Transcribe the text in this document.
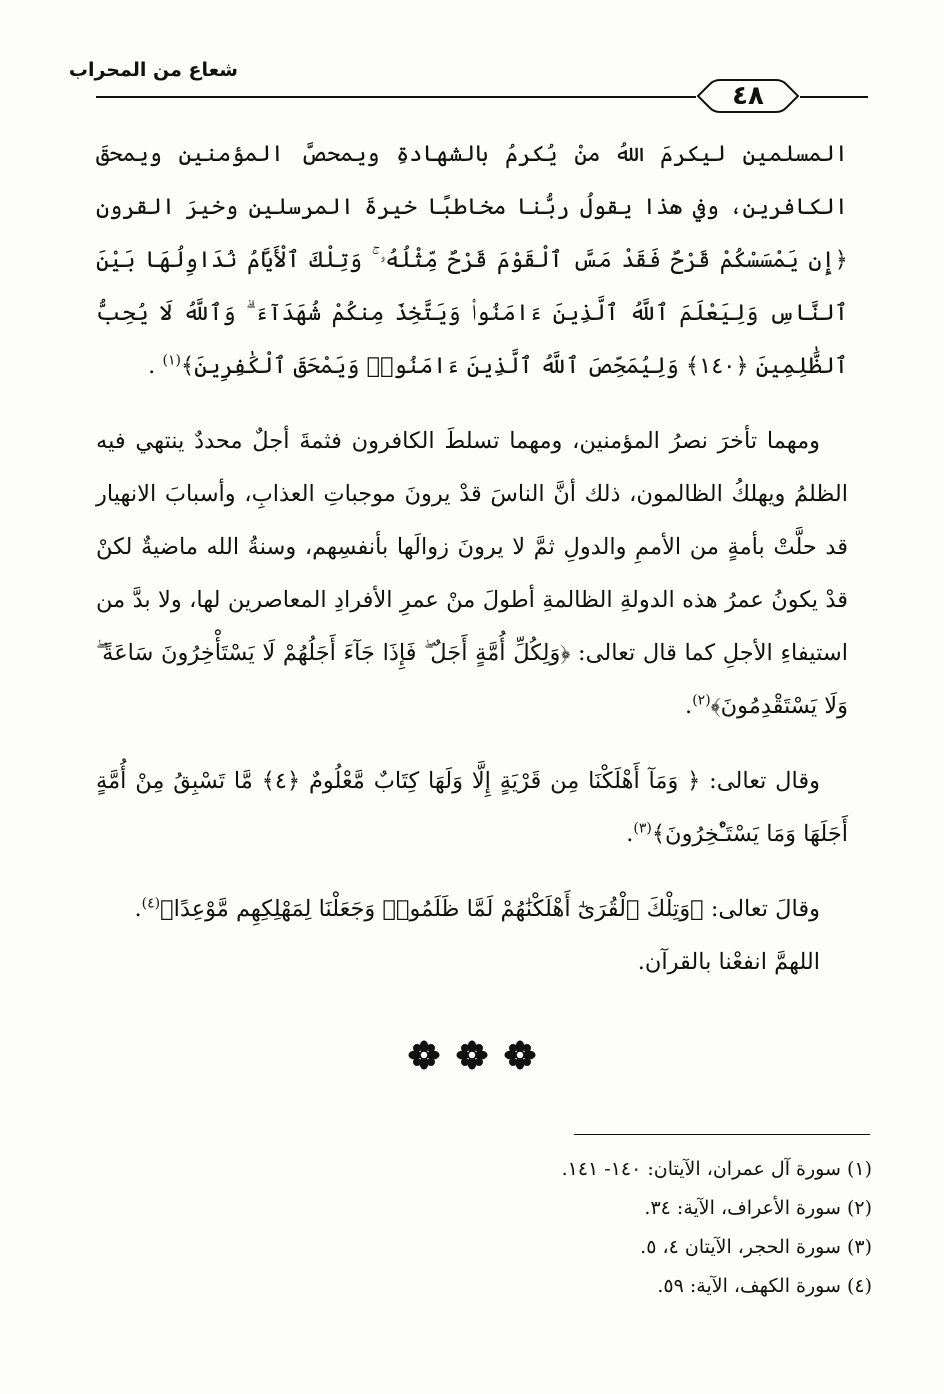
شعاع من المحراب
٤٨

المسلمين ليكرمَ اللهُ منْ يُكرمُ بالشهادةِ ويمحصَّ المؤمنين ويمحقَ الكافرين، وفي هذا يقولُ ربُّنا مخاطبًا خيرةَ المرسلين وخيرَ القرون ﴿إِن يَمْسَسْكُمْ قَرْحٌ فَقَدْ مَسَّ ٱلْقَوْمَ قَرْحٌ مِّثْلُهُۥ ۚ وَتِلْكَ ٱلْأَيَّامُ نُدَاوِلُهَا بَيْنَ ٱلنَّاسِ وَلِيَعْلَمَ ٱللَّهُ ٱلَّذِينَ ءَامَنُوا۟ وَيَتَّخِذَ مِنكُمْ شُهَدَآءَ ۗ وَٱللَّهُ لَا يُحِبُّ ٱلظَّٰلِمِينَ ﴿١٤٠﴾ وَلِيُمَحِّصَ ٱللَّهُ ٱلَّذِينَ ءَامَنُوا۟ وَيَمْحَقَ ٱلْكَٰفِرِينَ﴾$^{(١)}$ .

ومهما تأخرَ نصرُ المؤمنين، ومهما تسلطَ الكافرون فثمةَ أجلٌ محددٌ ينتهي فيه الظلمُ ويهلكُ الظالمون، ذلك أنَّ الناسَ قدْ يرونَ موجباتِ العذابِ، وأسبابَ الانهيار قد حلَّتْ بأمةٍ من الأممِ والدولِ ثمَّ لا يرونَ زوالَها بأنفسِهم، وسنةُ الله ماضيةٌ لكنْ قدْ يكونُ عمرُ هذه الدولةِ الظالمةِ أطولَ منْ عمرِ الأفرادِ المعاصرين لها، ولا بدَّ من استيفاءِ الأجلِ كما قال تعالى: ﴿وَلِكُلِّ أُمَّةٍ أَجَلٌ ۖ فَإِذَا جَآءَ أَجَلُهُمْ لَا يَسْتَأْخِرُونَ سَاعَةً ۖ وَلَا يَسْتَقْدِمُونَ﴾$^{(٢)}$.

وقال تعالى: ﴿ وَمَآ أَهْلَكْنَا مِن قَرْيَةٍ إِلَّا وَلَهَا كِتَابٌ مَّعْلُومٌ ﴿٤﴾ مَّا تَسْبِقُ مِنْ أُمَّةٍ أَجَلَهَا وَمَا يَسْتَـْٔخِرُونَ﴾$^{(٣)}$.

وقالَ تعالى: ﴿وَتِلْكَ ٱلْقُرَىٰٓ أَهْلَكْنَٰهُمْ لَمَّا ظَلَمُوا۟ وَجَعَلْنَا لِمَهْلِكِهِم مَّوْعِدًا﴾$^{(٤)}$.

اللهمَّ انفعْنا بالقرآن.

(١) سورة آل عمران، الآيتان: ١٤٠- ١٤١.

(٢) سورة الأعراف، الآية: ٣٤.

(٣) سورة الحجر، الآيتان ٤، ٥.

(٤) سورة الكهف، الآية: ٥٩.
